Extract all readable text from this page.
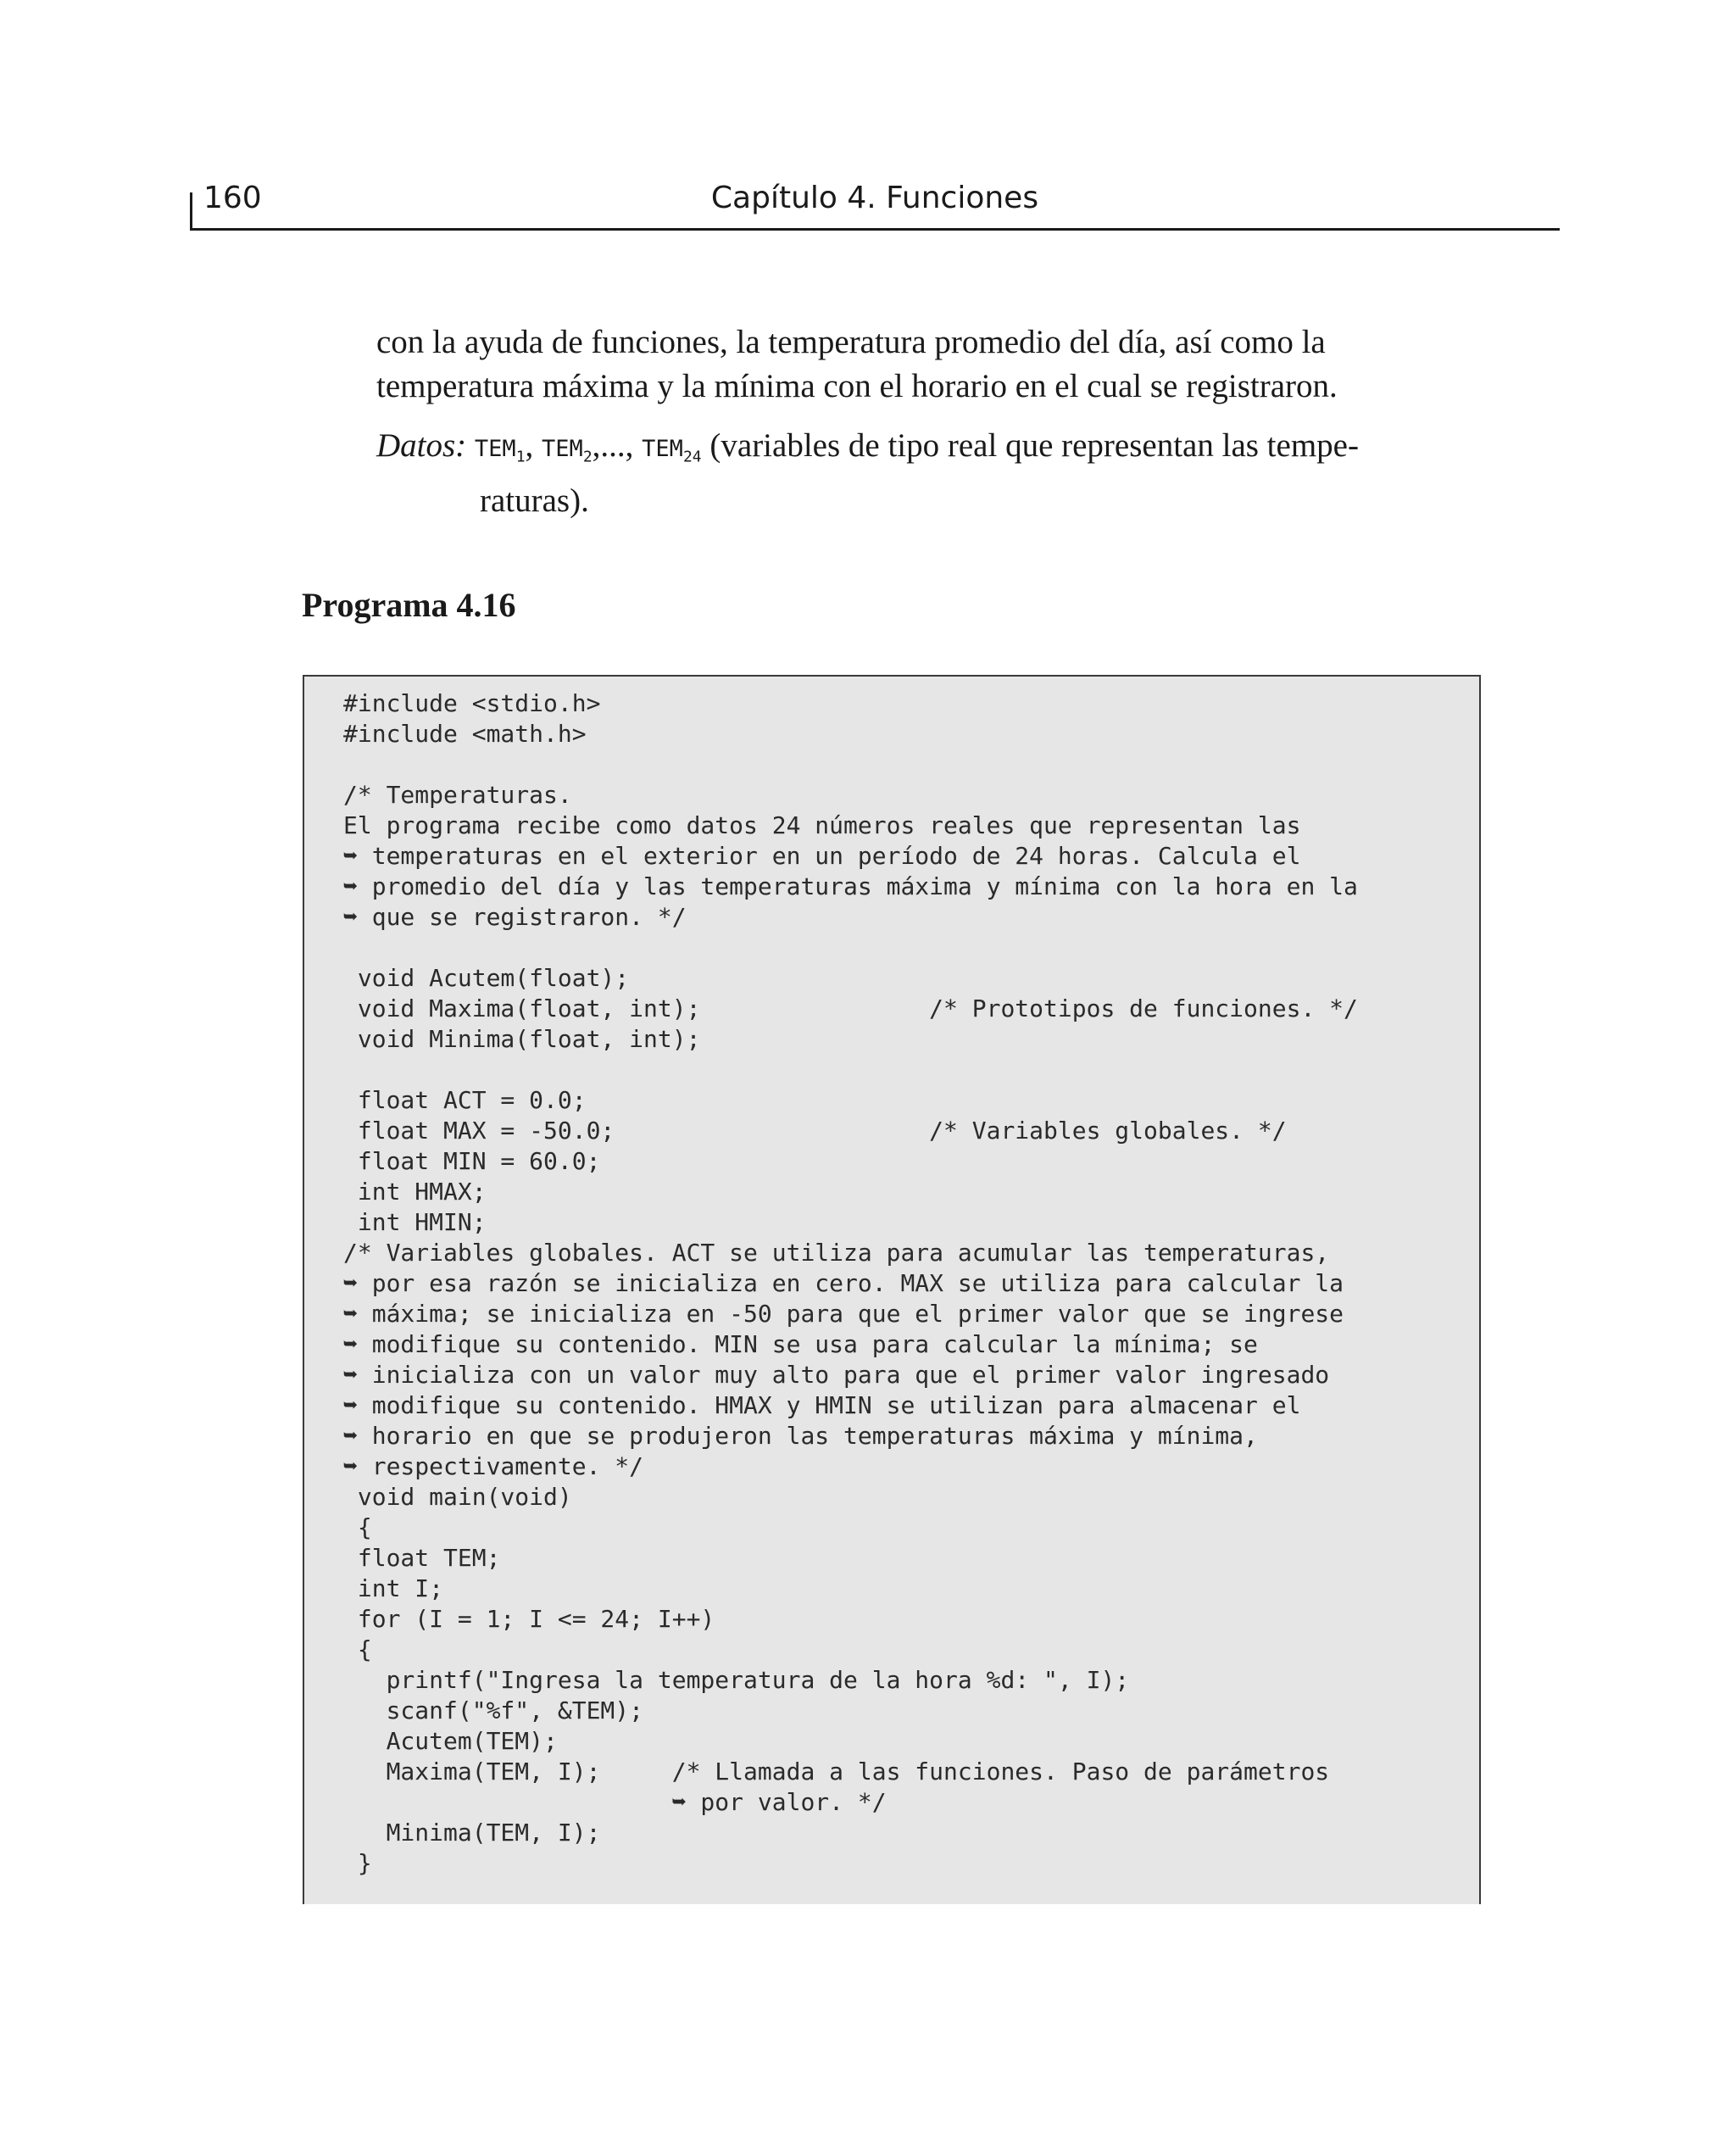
160	Capítulo 4. Funciones
con la ayuda de funciones, la temperatura promedio del día, así como la temperatura máxima y la mínima con el horario en el cual se registraron.
Datos: $TEM_1$, $TEM_2$,..., $TEM_{24}$ (variables de tipo real que representan las tempe-
raturas).
Programa 4.16
#include <stdio.h>
#include <math.h>
/* Temperaturas.
El programa recibe como datos 24 números reales que representan las
➥ temperaturas en el exterior en un período de 24 horas. Calcula el
➥ promedio del día y las temperaturas máxima y mínima con la hora en la
➥ que se registraron. */
void Acutem(float);
void Maxima(float, int);                /* Prototipos de funciones. */
void Minima(float, int);
float ACT = 0.0;
float MAX = -50.0;                      /* Variables globales. */
float MIN = 60.0;
int HMAX;
int HMIN;
/* Variables globales. ACT se utiliza para acumular las temperaturas,
➥ por esa razón se inicializa en cero. MAX se utiliza para calcular la
➥ máxima; se inicializa en -50 para que el primer valor que se ingrese
➥ modifique su contenido. MIN se usa para calcular la mínima; se
➥ inicializa con un valor muy alto para que el primer valor ingresado
➥ modifique su contenido. HMAX y HMIN se utilizan para almacenar el
➥ horario en que se produjeron las temperaturas máxima y mínima,
➥ respectivamente. */
void main(void)
{
float TEM;
int I;
for (I = 1; I <= 24; I++)
{
printf("Ingresa la temperatura de la hora %d: ", I);
scanf("%f", &TEM);
Acutem(TEM);
Maxima(TEM, I);     /* Llamada a las funciones. Paso de parámetros
➥ por valor. */
Minima(TEM, I);
}
